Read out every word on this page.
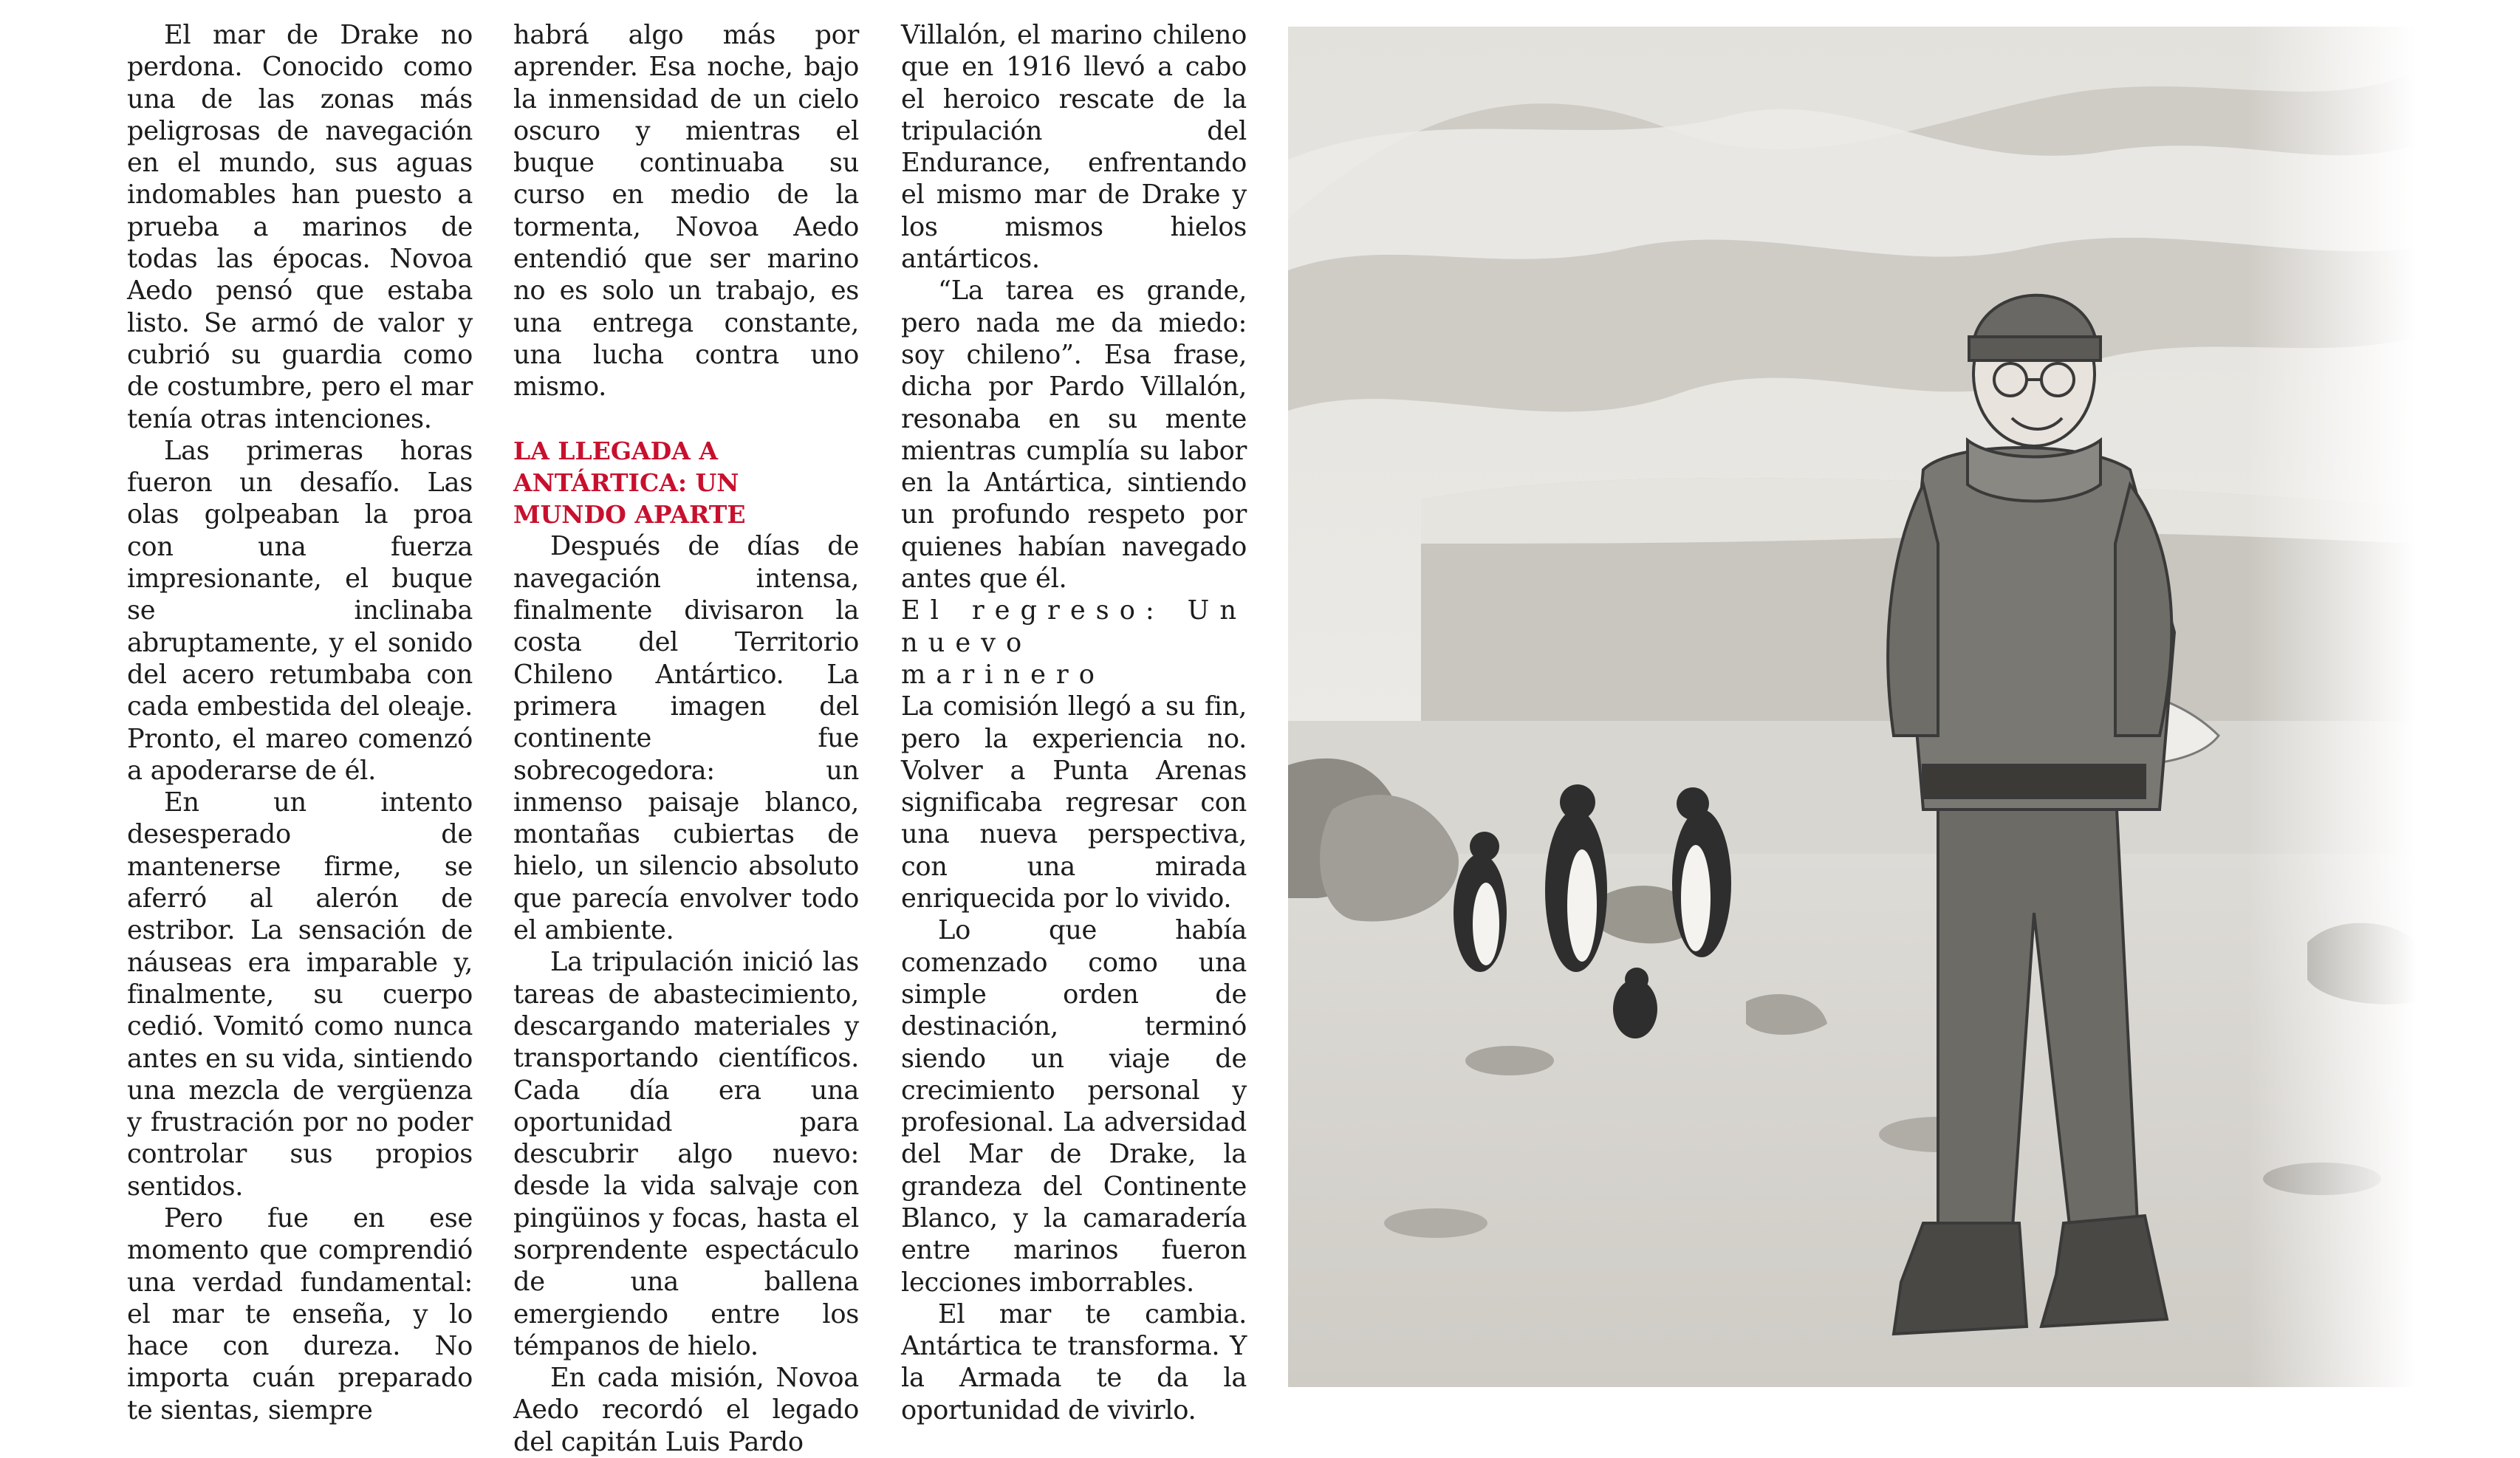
El mar de Drake no perdona. Conocido como una de las zonas más peligrosas de navegación en el mundo, sus aguas indomables han puesto a prueba a marinos de todas las épocas. Novoa Aedo pensó que estaba listo. Se armó de valor y cubrió su guardia como de costumbre, pero el mar tenía otras intenciones.

Las primeras horas fueron un desafío. Las olas golpeaban la proa con una fuerza impresionante, el buque se inclinaba abruptamente, y el sonido del acero retumbaba con cada embestida del oleaje. Pronto, el mareo comenzó a apoderarse de él.

En un intento desesperado de mantenerse firme, se aferró al alerón de estribor. La sensación de náuseas era imparable y, finalmente, su cuerpo cedió. Vomitó como nunca antes en su vida, sintiendo una mezcla de vergüenza y frustración por no poder controlar sus propios sentidos.

Pero fue en ese momento que comprendió una verdad fundamental: el mar te enseña, y lo hace con dureza. No importa cuán preparado te sientas, siempre

habrá algo más por aprender. Esa noche, bajo la inmensidad de un cielo oscuro y mientras el buque continuaba su curso en medio de la tormenta, Novoa Aedo entendió que ser marino no es solo un trabajo, es una entrega constante, una lucha contra uno mismo.

LA LLEGADA A ANTÁRTICA: UN MUNDO APARTE

Después de días de navegación intensa, finalmente divisaron la costa del Territorio Chileno Antártico. La primera imagen del continente fue sobrecogedora: un inmenso paisaje blanco, montañas cubiertas de hielo, un silencio absoluto que parecía envolver todo el ambiente.

La tripulación inició las tareas de abastecimiento, descargando materiales y transportando científicos. Cada día era una oportunidad para descubrir algo nuevo: desde la vida salvaje con pingüinos y focas, hasta el sorprendente espectáculo de una ballena emergiendo entre los témpanos de hielo.

En cada misión, Novoa Aedo recordó el legado del capitán Luis Pardo

Villalón, el marino chileno que en 1916 llevó a cabo el heroico rescate de la tripulación del Endurance, enfrentando el mismo mar de Drake y los mismos hielos antárticos.

“La tarea es grande, pero nada me da miedo: soy chileno”. Esa frase, dicha por Pardo Villalón, resonaba en su mente mientras cumplía su labor en la Antártica, sintiendo un profundo respeto por quienes habían navegado antes que él.

El regreso: Un nuevo marinero

La comisión llegó a su fin, pero la experiencia no. Volver a Punta Arenas significaba regresar con una nueva perspectiva, con una mirada enriquecida por lo vivido.

Lo que había comenzado como una simple orden de destinación, terminó siendo un viaje de crecimiento personal y profesional. La adversidad del Mar de Drake, la grandeza del Continente Blanco, y la camaradería entre marinos fueron lecciones imborrables.

El mar te cambia. Antártica te transforma. Y la Armada te da la oportunidad de vivirlo.
